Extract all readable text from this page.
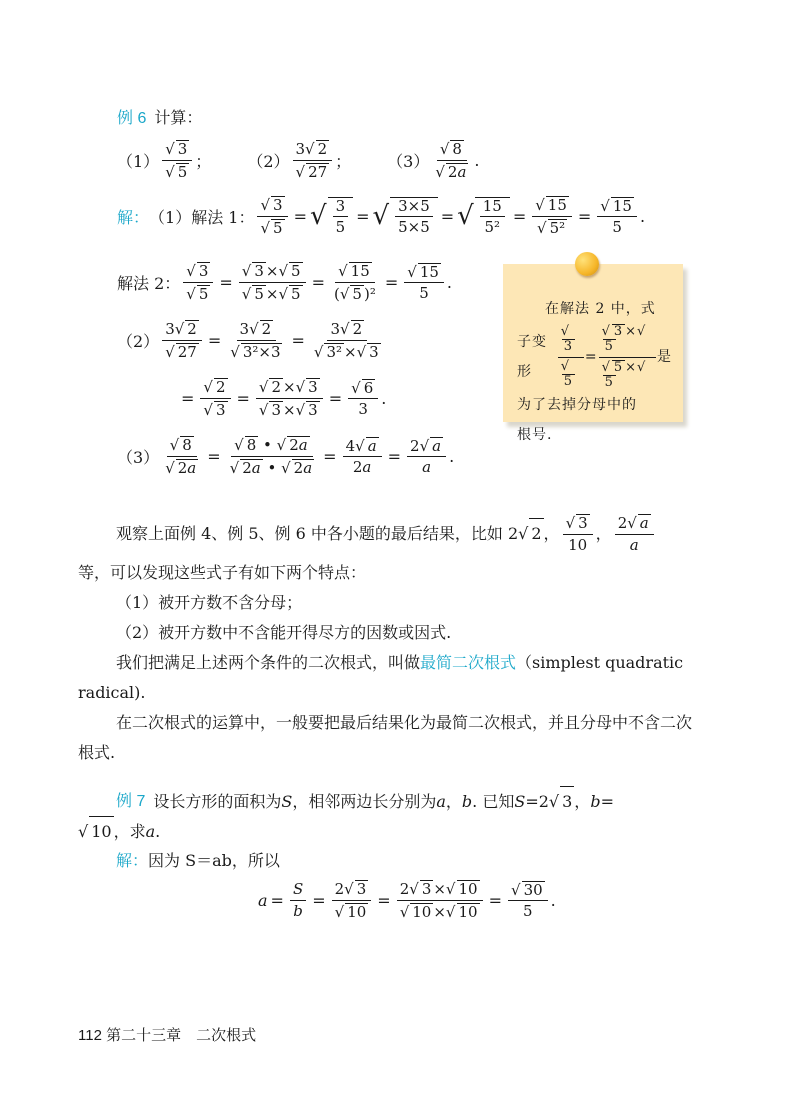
例 6 计算：
$(1) \frac{√ 3}{√ 5}$ ； $(2) \frac{3√ 2}{√ 27}$ ； $(3) \frac{√ 8}{√ 2a}$ .
解： （1）解法 1： $\frac{√ 3}{√ 5}$ = √ $\frac{3}{5}$ = √ $\frac{3\times 5}{5\times 5}$ = √ $\frac{15}{\text{5²}} = \frac{√ 15}{\text{√ 5²}} = \frac{√ 15}{5}$ .
解法 2： $\frac{√ 3}{√ 5} = \frac{√ 3 \times√ 5}{√ 5 \times√ 5} = \frac{√ 15}{\text{(√ 5 )²}} = \frac{√ 15}{5}$ .
$(2) \frac{3√ 2}{√ 27} = \frac{3√ 2}{\text{√ 3²×3}} = \frac{3√ 2}{\text{√ 3² ×√ 3}}$
= $\frac{√ 2}{√ 3} = \frac{√ 2 \times√ 3}{√ 3 \times√ 3} = \frac{√ 6}{3}$ .
$(3) \frac{√ 8}{√ 2a} = \frac{√ 8 • √ 2a}{√ 2a • √ 2a} = \frac{4√ a}{2a} = \frac{2√ a}{a}$ .
在解法 2 中，式
子变形	$\frac{√3}{√5} = \frac{√ 3 \times√5}{√ 5 \times√5}$ 是
为了去掉分母中的
根号.
观察上面例 4、例 5、例 6 中各小题的最后结果，比如 2 √ 2 ， $\frac{√ 3}{10}$ ， $\frac{2√ a}{a}$
等，可以发现这些式子有如下两个特点：
（1）被开方数不含分母；
（2）被开方数中不含能开得尽方的因数或因式.
我们把满足上述两个条件的二次根式，叫做最简二次根式（simplest quadratic radical).
在二次根式的运算中，一般要把最后结果化为最简二次根式，并且分母中不含二次根式.
例 7 设长方形的面积为 S ，相邻两边长分别为 a ， b . 已知 S =2√ 3 ， b =
√ 10 ，求 a .
解：因为 S＝ab，所以
$a = \frac{S}{b} = \frac{2√ 3}{√ 10} = \frac{2√ 3 \times√ 10}{√ 10 \times√ 10} = \frac{√ 30}{5}$ .
112 第二十三章　二次根式
